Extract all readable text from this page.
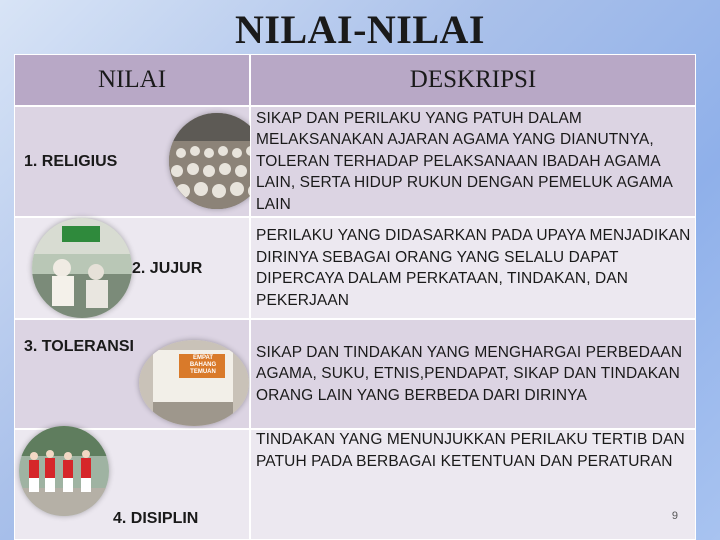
NILAI-NILAI
NILAI	DESKRIPSI
1. RELIGIUS
SIKAP DAN PERILAKU YANG PATUH DALAM MELAKSANAKAN AJARAN AGAMA YANG DIANUTNYA, TOLERAN TERHADAP PELAKSANAAN IBADAH AGAMA LAIN, SERTA HIDUP RUKUN DENGAN PEMELUK AGAMA LAIN
2. JUJUR
PERILAKU YANG DIDASARKAN PADA UPAYA MENJADIKAN DIRINYA SEBAGAI ORANG YANG SELALU DAPAT DIPERCAYA DALAM PERKATAAN, TINDAKAN, DAN PEKERJAAN
3. TOLERANSI
EMPAT BAHANG TEMUAN
SIKAP DAN TINDAKAN YANG MENGHARGAI PERBEDAAN AGAMA, SUKU, ETNIS,PENDAPAT, SIKAP DAN TINDAKAN ORANG LAIN YANG BERBEDA DARI DIRINYA
4. DISIPLIN
TINDAKAN YANG MENUNJUKKAN PERILAKU TERTIB DAN PATUH PADA BERBAGAI KETENTUAN DAN PERATURAN
9
